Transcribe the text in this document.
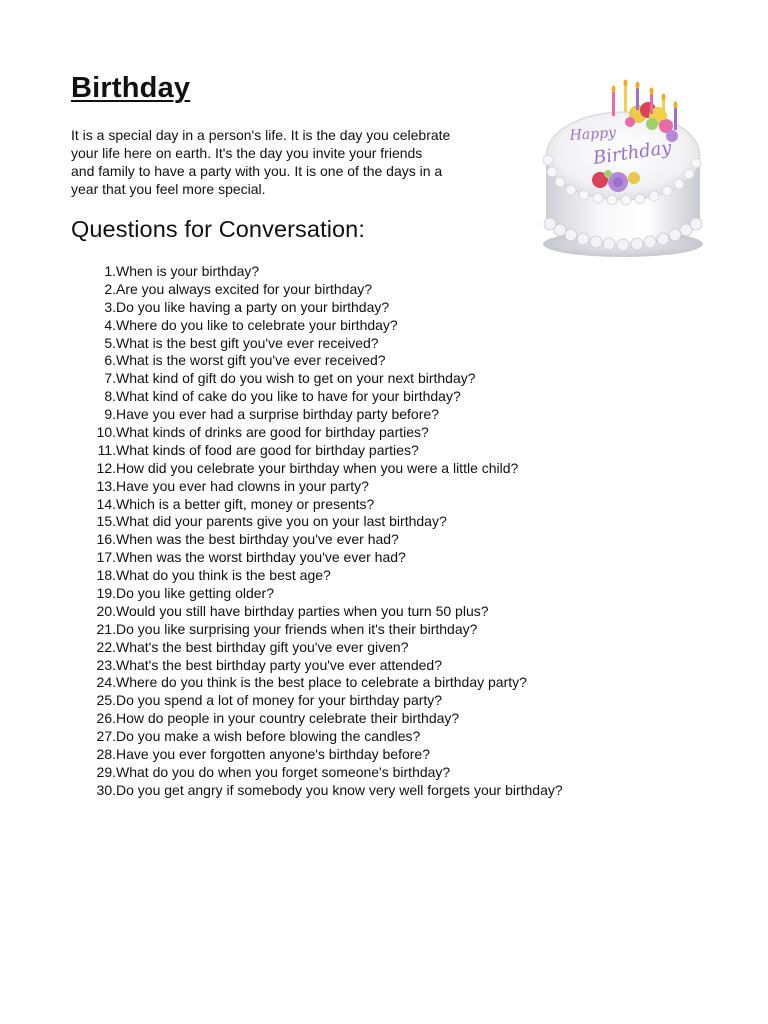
Birthday

It is a special day in a person's life. It is the day you celebrate
your life here on earth. It's the day you invite your friends
and family to have a party with you. It is one of the days in a
year that you feel more special.

Questions for Conversation:
1. When is your birthday?
2. Are you always excited for your birthday?
3. Do you like having a party on your birthday?
4. Where do you like to celebrate your birthday?
5. What is the best gift you've ever received?
6. What is the worst gift you've ever received?
7. What kind of gift do you wish to get on your next birthday?
8. What kind of cake do you like to have for your birthday?
9. Have you ever had a surprise birthday party before?
10. What kinds of drinks are good for birthday parties?
11. What kinds of food are good for birthday parties?
12. How did you celebrate your birthday when you were a little child?
13. Have you ever had clowns in your party?
14. Which is a better gift, money or presents?
15. What did your parents give you on your last birthday?
16. When was the best birthday you've ever had?
17. When was the worst birthday you've ever had?
18. What do you think is the best age?
19. Do you like getting older?
20. Would you still have birthday parties when you turn 50 plus?
21. Do you like surprising your friends when it's their birthday?
22. What's the best birthday gift you've ever given?
23. What's the best birthday party you've ever attended?
24. Where do you think is the best place to celebrate a birthday party?
25. Do you spend a lot of money for your birthday party?
26. How do people in your country celebrate their birthday?
27. Do you make a wish before blowing the candles?
28. Have you ever forgotten anyone's birthday before?
29. What do you do when you forget someone's birthday?
30. Do you get angry if somebody you know very well forgets your birthday?
Happy
Birthday
